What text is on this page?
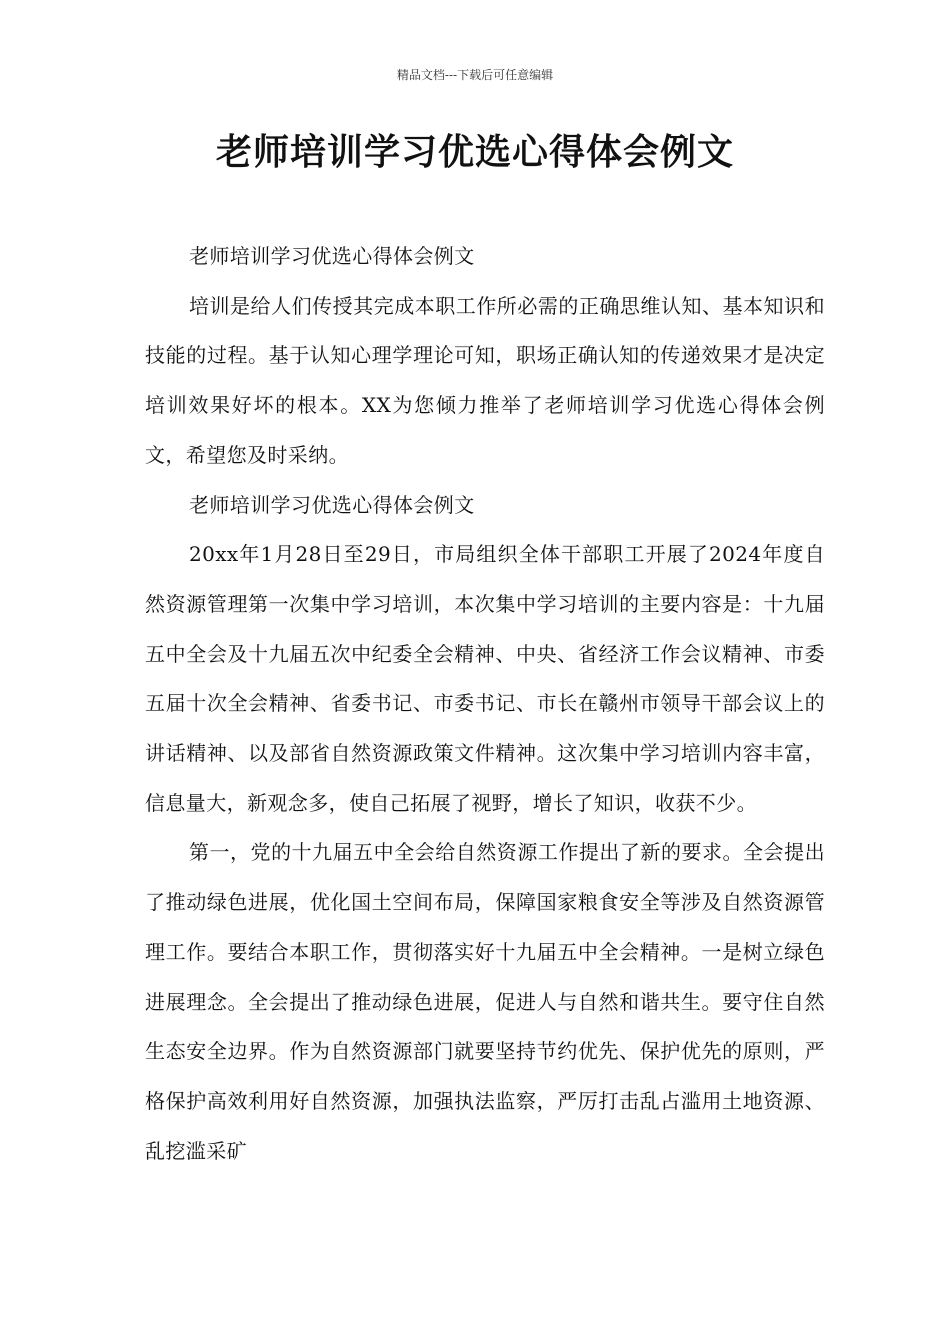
精品文档---下载后可任意编辑
老师培训学习优选心得体会例文

老师培训学习优选心得体会例文

培训是给人们传授其完成本职工作所必需的正确思维认知、基本知识和技能的过程。基于认知心理学理论可知，职场正确认知的传递效果才是决定培训效果好坏的根本。XX为您倾力推举了老师培训学习优选心得体会例文，希望您及时采纳。

老师培训学习优选心得体会例文

20xx年1月28日至29日，市局组织全体干部职工开展了2024年度自然资源管理第一次集中学习培训，本次集中学习培训的主要内容是：十九届五中全会及十九届五次中纪委全会精神、中央、省经济工作会议精神、市委五届十次全会精神、省委书记、市委书记、市长在赣州市领导干部会议上的讲话精神、以及部省自然资源政策文件精神。这次集中学习培训内容丰富，信息量大，新观念多，使自己拓展了视野，增长了知识，收获不少。

第一，党的十九届五中全会给自然资源工作提出了新的要求。全会提出了推动绿色进展，优化国土空间布局，保障国家粮食安全等涉及自然资源管理工作。要结合本职工作，贯彻落实好十九届五中全会精神。一是树立绿色进展理念。全会提出了推动绿色进展，促进人与自然和谐共生。要守住自然生态安全边界。作为自然资源部门就要坚持节约优先、保护优先的原则，严格保护高效利用好自然资源，加强执法监察，严厉打击乱占滥用土地资源、乱挖滥采矿
